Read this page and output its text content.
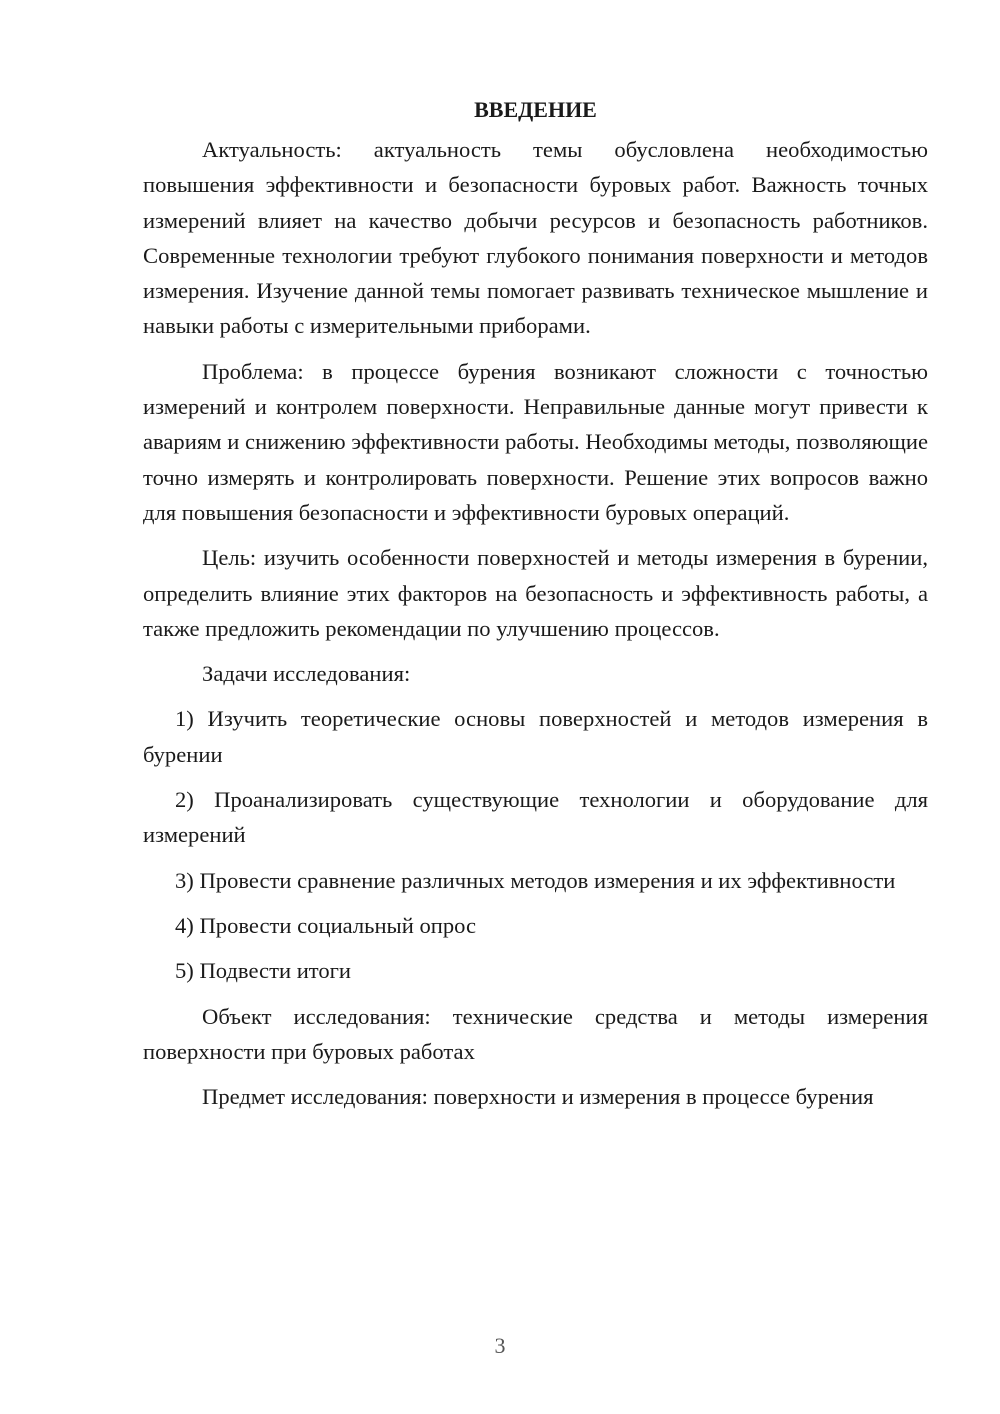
ВВЕДЕНИЕ

Актуальность: актуальность темы обусловлена необходимостью повышения эффективности и безопасности буровых работ. Важность точных измерений влияет на качество добычи ресурсов и безопасность работников. Современные технологии требуют глубокого понимания поверхности и методов измерения. Изучение данной темы помогает развивать техническое мышление и навыки работы с измерительными приборами.

Проблема: в процессе бурения возникают сложности с точностью измерений и контролем поверхности. Неправильные данные могут привести к авариям и снижению эффективности работы. Необходимы методы, позволяющие точно измерять и контролировать поверхности. Решение этих вопросов важно для повышения безопасности и эффективности буровых операций.

Цель: изучить особенности поверхностей и методы измерения в бурении, определить влияние этих факторов на безопасность и эффективность работы, а также предложить рекомендации по улучшению процессов.

Задачи исследования:

1) Изучить теоретические основы поверхностей и методов измерения в бурении

2) Проанализировать существующие технологии и оборудование для измерений

3) Провести сравнение различных методов измерения и их эффективности

4) Провести социальный опрос

5) Подвести итоги

Объект исследования: технические средства и методы измерения поверхности при буровых работах

Предмет исследования: поверхности и измерения в процессе бурения

3
